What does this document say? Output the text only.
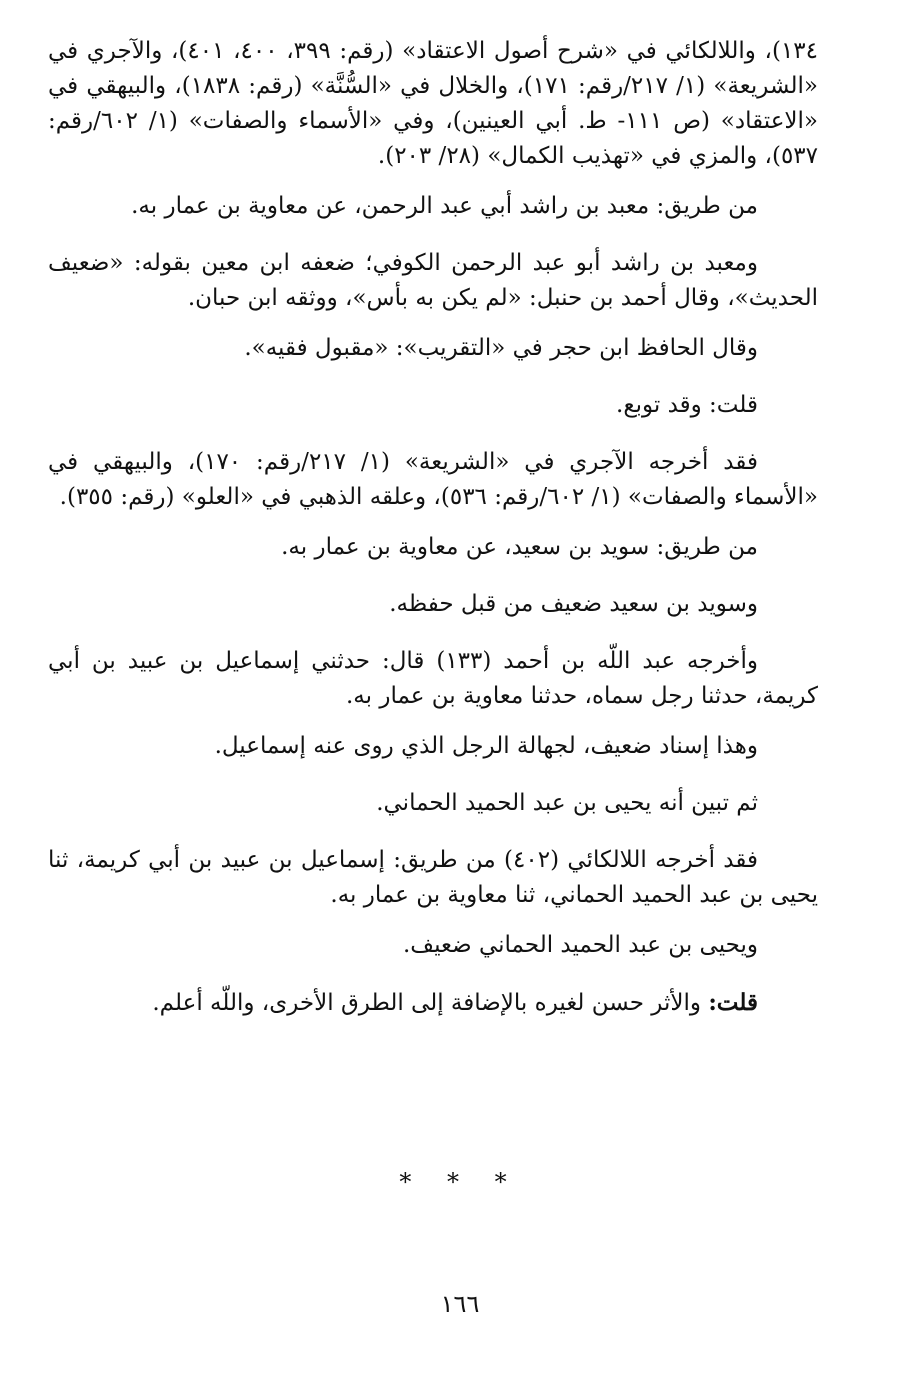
١٣٤)، واللالكائي في «شرح أصول الاعتقاد» (رقم: ٣٩٩، ٤٠٠، ٤٠١)، والآجري في «الشريعة» (١/ ٢١٧/رقم: ١٧١)، والخلال في «السُّنَّة» (رقم: ١٨٣٨)، والبيهقي في «الاعتقاد» (ص ١١١- ط. أبي العينين)، وفي «الأسماء والصفات» (١/ ٦٠٢/رقم: ٥٣٧)، والمزي في «تهذيب الكمال» (٢٨/ ٢٠٣).

من طريق: معبد بن راشد أبي عبد الرحمن، عن معاوية بن عمار به.

ومعبد بن راشد أبو عبد الرحمن الكوفي؛ ضعفه ابن معين بقوله: «ضعيف الحديث»، وقال أحمد بن حنبل: «لم يكن به بأس»، ووثقه ابن حبان.

وقال الحافظ ابن حجر في «التقريب»: «مقبول فقيه».

قلت: وقد توبع.

فقد أخرجه الآجري في «الشريعة» (١/ ٢١٧/رقم: ١٧٠)، والبيهقي في «الأسماء والصفات» (١/ ٦٠٢/رقم: ٥٣٦)، وعلقه الذهبي في «العلو» (رقم: ٣٥٥).

من طريق: سويد بن سعيد، عن معاوية بن عمار به.

وسويد بن سعيد ضعيف من قبل حفظه.

وأخرجه عبد اللّه بن أحمد (١٣٣) قال: حدثني إسماعيل بن عبيد بن أبي كريمة، حدثنا رجل سماه، حدثنا معاوية بن عمار به.

وهذا إسناد ضعيف، لجهالة الرجل الذي روى عنه إسماعيل.

ثم تبين أنه يحيى بن عبد الحميد الحماني.

فقد أخرجه اللالكائي (٤٠٢) من طريق: إسماعيل بن عبيد بن أبي كريمة، ثنا يحيى بن عبد الحميد الحماني، ثنا معاوية بن عمار به.

ويحيى بن عبد الحميد الحماني ضعيف.

قلت: والأثر حسن لغيره بالإضافة إلى الطرق الأخرى، واللّه أعلم.

* * *
١٦٦
